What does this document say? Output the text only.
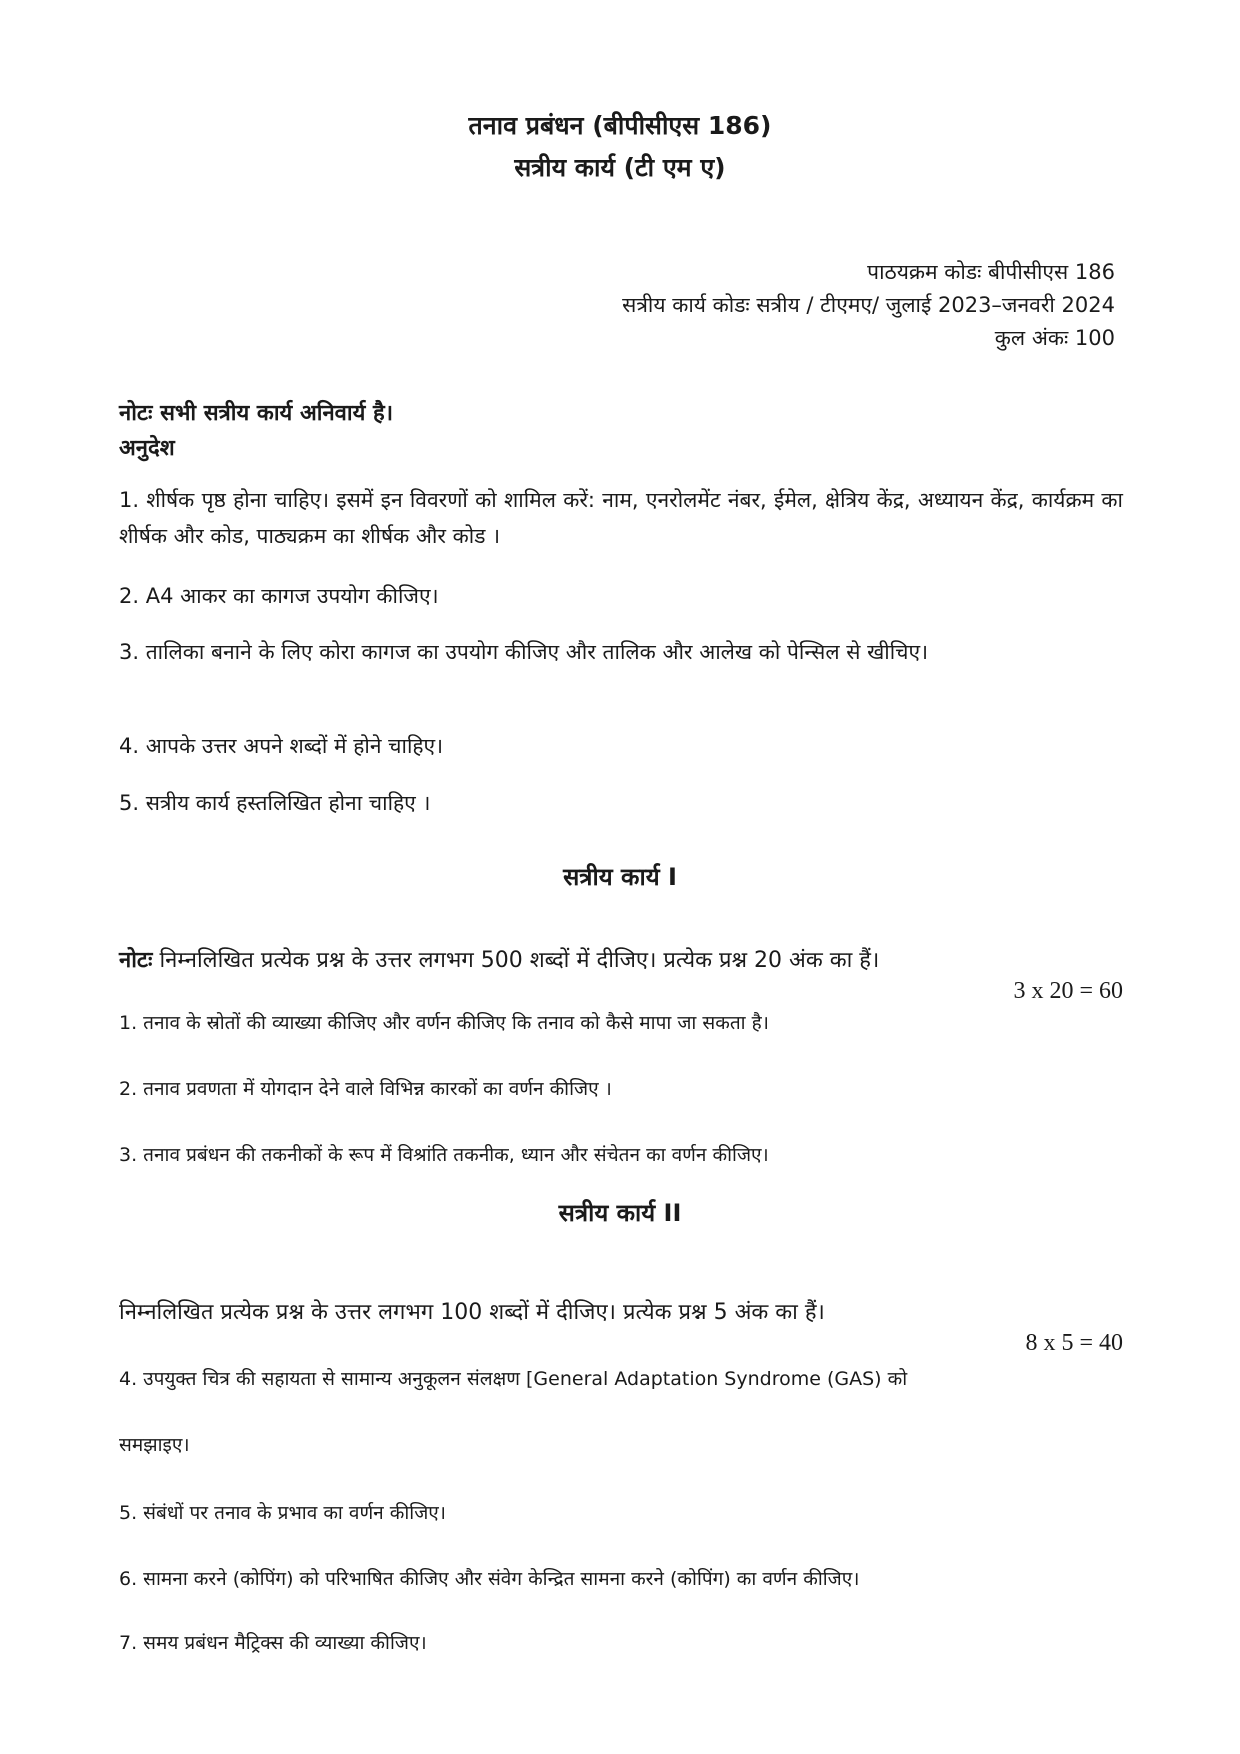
तनाव प्रबंधन (बीपीसीएस 186)
सत्रीय कार्य (टी एम ए)
पाठयक्रम कोडः बीपीसीएस 186
सत्रीय कार्य कोडः सत्रीय / टीएमए/ जुलाई 2023–जनवरी 2024
कुल अंकः 100
नोटः सभी सत्रीय कार्य अनिवार्य है।
अनुदेश

1. शीर्षक पृष्ठ होना चाहिए। इसमें इन विवरणों को शामिल करें: नाम, एनरोलमेंट नंबर, ईमेल, क्षेत्रिय केंद्र, अध्यायन केंद्र, कार्यक्रम का शीर्षक और कोड, पाठ्यक्रम का शीर्षक और कोड ।

2. A4 आकर का कागज उपयोग कीजिए।

3. तालिका बनाने के लिए कोरा कागज का उपयोग कीजिए और तालिक और आलेख को पेन्सिल से खीचिए।

4. आपके उत्तर अपने शब्दों में होने चाहिए।

5. सत्रीय कार्य हस्तलिखित होना चाहिए ।

सत्रीय कार्य I
नोटः निम्नलिखित प्रत्येक प्रश्न के उत्तर लगभग 500 शब्दों में दीजिए। प्रत्येक प्रश्न 20 अंक का हैं।
3 x 20 = 60
1. तनाव के स्रोतों की व्याख्या कीजिए और वर्णन कीजिए कि तनाव को कैसे मापा जा सकता है।
2. तनाव प्रवणता में योगदान देने वाले विभिन्न कारकों का वर्णन कीजिए ।
3. तनाव प्रबंधन की तकनीकों के रूप में विश्रांति तकनीक, ध्यान और संचेतन का वर्णन कीजिए।
सत्रीय कार्य II
निम्नलिखित प्रत्येक प्रश्न के उत्तर लगभग 100 शब्दों में दीजिए। प्रत्येक प्रश्न 5 अंक का हैं।
8 x 5 = 40
4. उपयुक्त चित्र की सहायता से सामान्य अनुकूलन संलक्षण [General Adaptation Syndrome (GAS) को
समझाइए।
5. संबंधों पर तनाव के प्रभाव का वर्णन कीजिए।
6. सामना करने (कोपिंग) को परिभाषित कीजिए और संवेग केन्द्रित सामना करने (कोपिंग) का वर्णन कीजिए।
7. समय प्रबंधन मैट्रिक्स की व्याख्या कीजिए।
